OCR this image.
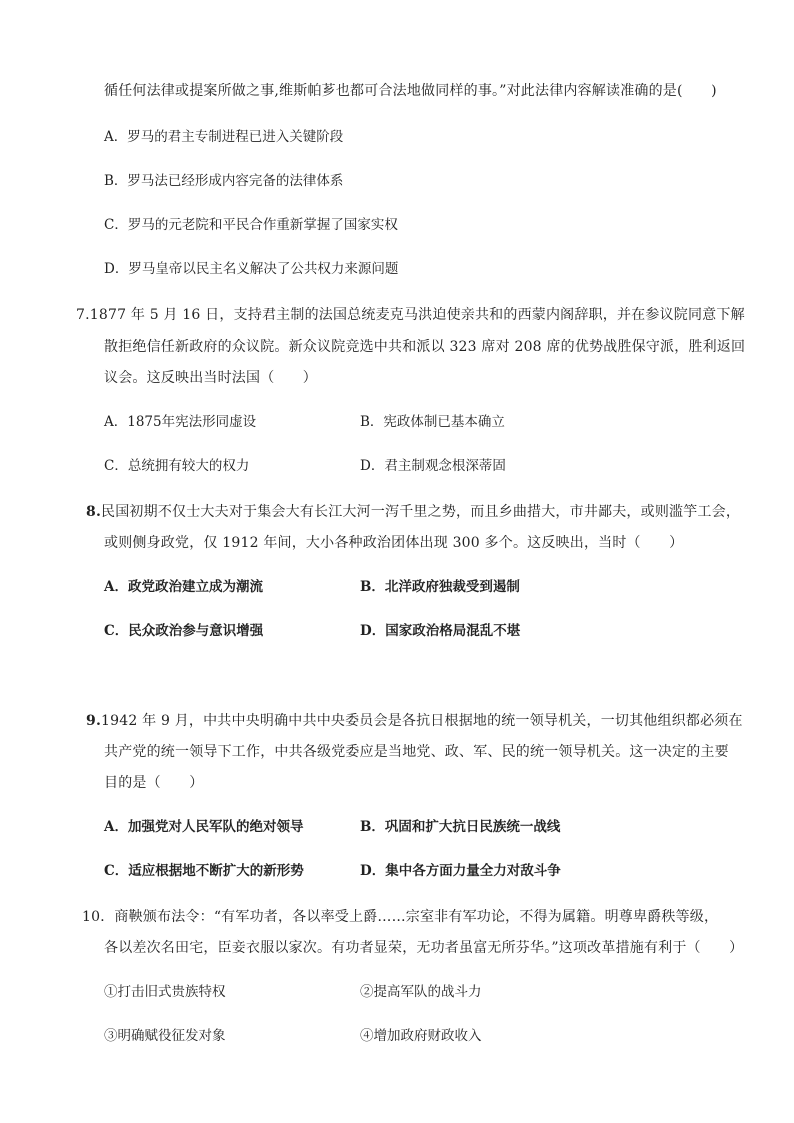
循任何法律或提案所做之事,维斯帕芗也都可合法地做同样的事。”对此法律内容解读准确的是(　　)
A．罗马的君主专制进程已进入关键阶段
B．罗马法已经形成内容完备的法律体系
C．罗马的元老院和平民合作重新掌握了国家实权
D．罗马皇帝以民主名义解决了公共权力来源问题
7.1877 年 5 月 16 日，支持君主制的法国总统麦克马洪迫使亲共和的西蒙内阁辞职，并在参议院同意下解
散拒绝信任新政府的众议院。新众议院竞选中共和派以 323 席对 208 席的优势战胜保守派，胜利返回
议会。这反映出当时法国（　　）
A．1875年宪法形同虚设	B．宪政体制已基本确立
C．总统拥有较大的权力	D．君主制观念根深蒂固
8.民国初期不仅士大夫对于集会大有长江大河一泻千里之势，而且乡曲措大，市井鄙夫，或则滥竽工会，
或则侧身政党，仅 1912 年间，大小各种政治团体出现 300 多个。这反映出，当时（　　）
A．政党政治建立成为潮流	B．北洋政府独裁受到遏制
C．民众政治参与意识增强	D．国家政治格局混乱不堪
9.1942 年 9 月，中共中央明确中共中央委员会是各抗日根据地的统一领导机关，一切其他组织都必须在
共产党的统一领导下工作，中共各级党委应是当地党、政、军、民的统一领导机关。这一决定的主要
目的是（　　）
A．加强党对人民军队的绝对领导	B．巩固和扩大抗日民族统一战线
C．适应根据地不断扩大的新形势	D．集中各方面力量全力对敌斗争
10．商鞅颁布法令：“有军功者，各以率受上爵……宗室非有军功论，不得为属籍。明尊卑爵秩等级，
各以差次名田宅，臣妾衣服以家次。有功者显荣，无功者虽富无所芬华。”这项改革措施有利于（　　）
①打击旧式贵族特权	②提高军队的战斗力
③明确赋役征发对象	④增加政府财政收入
